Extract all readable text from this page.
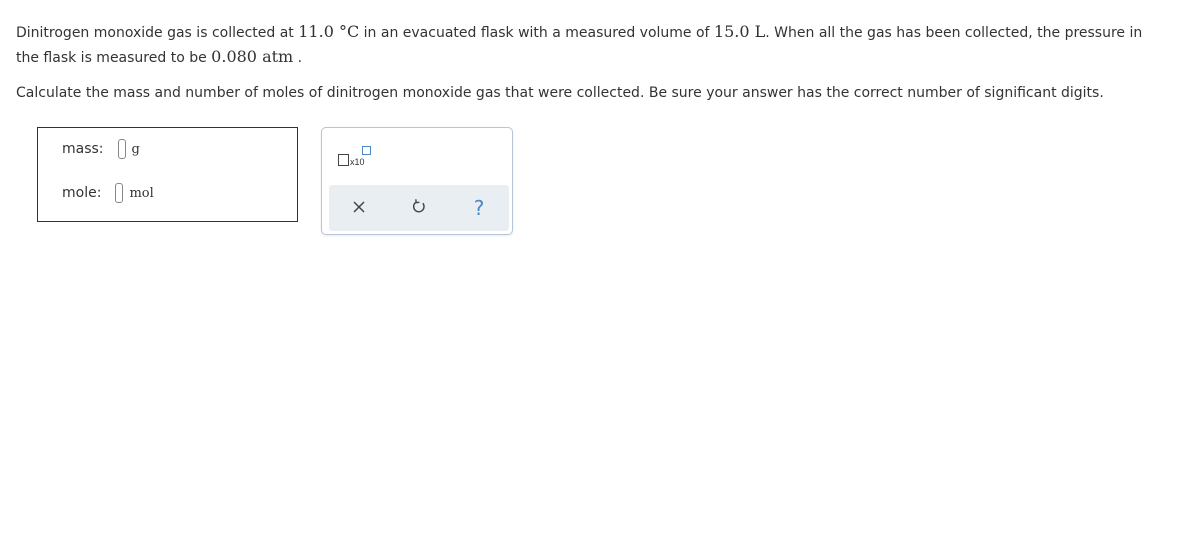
Dinitrogen monoxide gas is collected at 11.0 °C in an evacuated flask with a measured volume of 15.0 L. When all the gas has been collected, the pressure in
the flask is measured to be 0.080 atm .
Calculate the mass and number of moles of dinitrogen monoxide gas that were collected. Be sure your answer has the correct number of significant digits.
mass: g
mole: mol
x10
?
